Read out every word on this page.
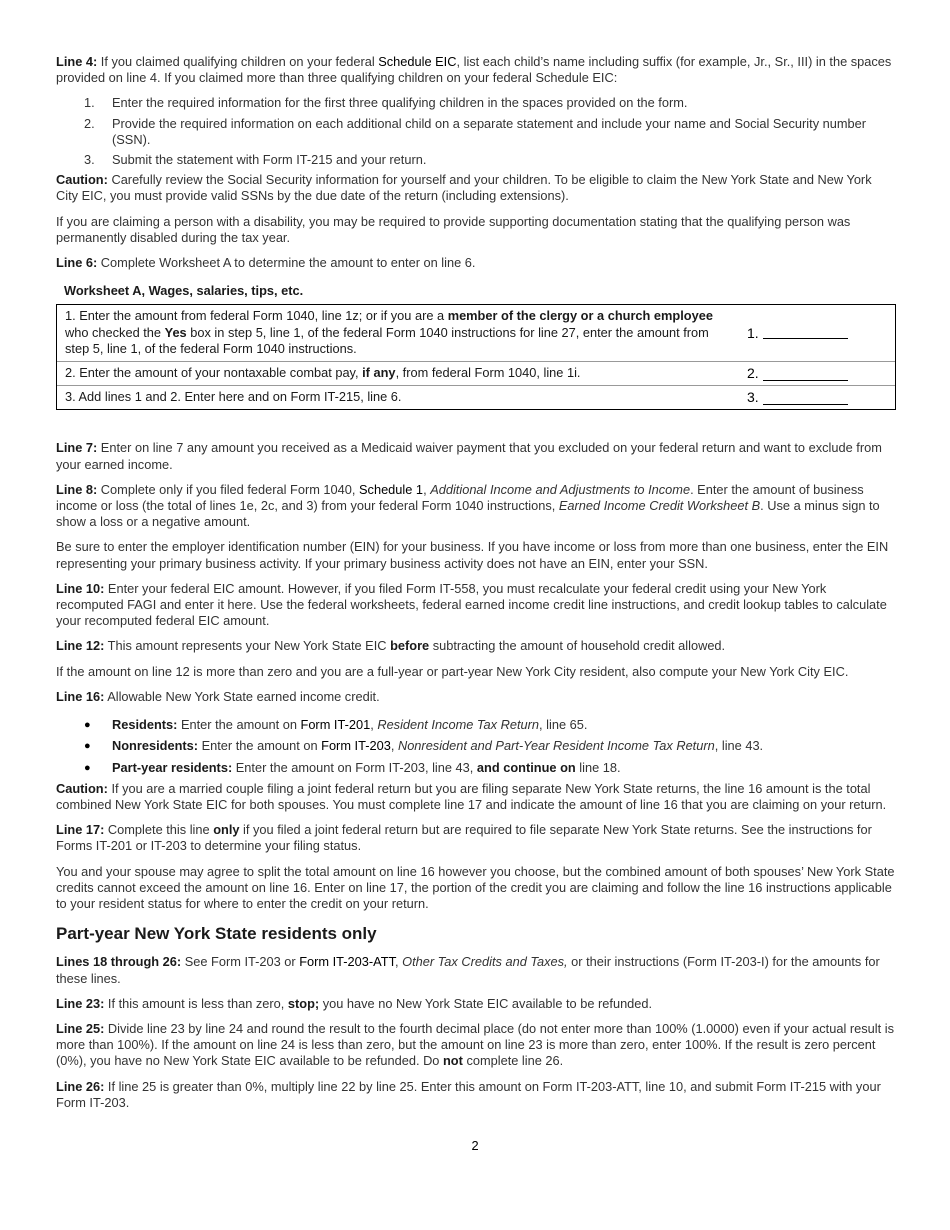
Line 4: If you claimed qualifying children on your federal Schedule EIC, list each child’s name including suffix (for example, Jr., Sr., III) in the spaces provided on line 4. If you claimed more than three qualifying children on your federal Schedule EIC:

1.	Enter the required information for the first three qualifying children in the spaces provided on the form.
2.	Provide the required information on each additional child on a separate statement and include your name and Social Security number (SSN).
3.	Submit the statement with Form IT-215 and your return.

Caution: Carefully review the Social Security information for yourself and your children. To be eligible to claim the New York State and New York City EIC, you must provide valid SSNs by the due date of the return (including extensions).

If you are claiming a person with a disability, you may be required to provide supporting documentation stating that the qualifying person was permanently disabled during the tax year.

Line 6: Complete Worksheet A to determine the amount to enter on line 6.

Worksheet A, Wages, salaries, tips, etc.
1. Enter the amount from federal Form 1040, line 1z; or if you are a member of the clergy or a church employee who checked the Yes box in step 5, line 1, of the federal Form 1040 instructions for line 27, enter the amount from step 5, line 1, of the federal Form 1040 instructions.
1.
2. Enter the amount of your nontaxable combat pay, if any, from federal Form 1040, line 1i.	2.
3. Add lines 1 and 2. Enter here and on Form IT-215, line 6.	3.

Line 7: Enter on line 7 any amount you received as a Medicaid waiver payment that you excluded on your federal return and want to exclude from your earned income.

Line 8: Complete only if you filed federal Form 1040, Schedule 1, Additional Income and Adjustments to Income. Enter the amount of business income or loss (the total of lines 1e, 2c, and 3) from your federal Form 1040 instructions, Earned Income Credit Worksheet B. Use a minus sign to show a loss or a negative amount.

Be sure to enter the employer identification number (EIN) for your business. If you have income or loss from more than one business, enter the EIN representing your primary business activity. If your primary business activity does not have an EIN, enter your SSN.

Line 10: Enter your federal EIC amount. However, if you filed Form IT-558, you must recalculate your federal credit using your New York recomputed FAGI and enter it here. Use the federal worksheets, federal earned income credit line instructions, and credit lookup tables to calculate your recomputed federal EIC amount.

Line 12: This amount represents your New York State EIC before subtracting the amount of household credit allowed.

If the amount on line 12 is more than zero and you are a full-year or part-year New York City resident, also compute your New York City EIC.

Line 16: Allowable New York State earned income credit.

●	Residents: Enter the amount on Form IT-201, Resident Income Tax Return, line 65.
●	Nonresidents: Enter the amount on Form IT-203, Nonresident and Part-Year Resident Income Tax Return, line 43.
●	Part-year residents: Enter the amount on Form IT-203, line 43, and continue on line 18.

Caution: If you are a married couple filing a joint federal return but you are filing separate New York State returns, the line 16 amount is the total combined New York State EIC for both spouses. You must complete line 17 and indicate the amount of line 16 that you are claiming on your return.

Line 17: Complete this line only if you filed a joint federal return but are required to file separate New York State returns. See the instructions for Forms IT-201 or IT-203 to determine your filing status.

You and your spouse may agree to split the total amount on line 16 however you choose, but the combined amount of both spouses’ New York State credits cannot exceed the amount on line 16. Enter on line 17, the portion of the credit you are claiming and follow the line 16 instructions applicable to your resident status for where to enter the credit on your return.

Part-year New York State residents only

Lines 18 through 26: See Form IT-203 or Form IT-203-ATT, Other Tax Credits and Taxes, or their instructions (Form IT-203-I) for the amounts for these lines.

Line 23: If this amount is less than zero, stop; you have no New York State EIC available to be refunded.

Line 25: Divide line 23 by line 24 and round the result to the fourth decimal place (do not enter more than 100% (1.0000) even if your actual result is more than 100%). If the amount on line 24 is less than zero, but the amount on line 23 is more than zero, enter 100%. If the result is zero percent (0%), you have no New York State EIC available to be refunded. Do not complete line 26.

Line 26: If line 25 is greater than 0%, multiply line 22 by line 25. Enter this amount on Form IT-203-ATT, line 10, and submit Form IT-215 with your Form IT-203.

2
